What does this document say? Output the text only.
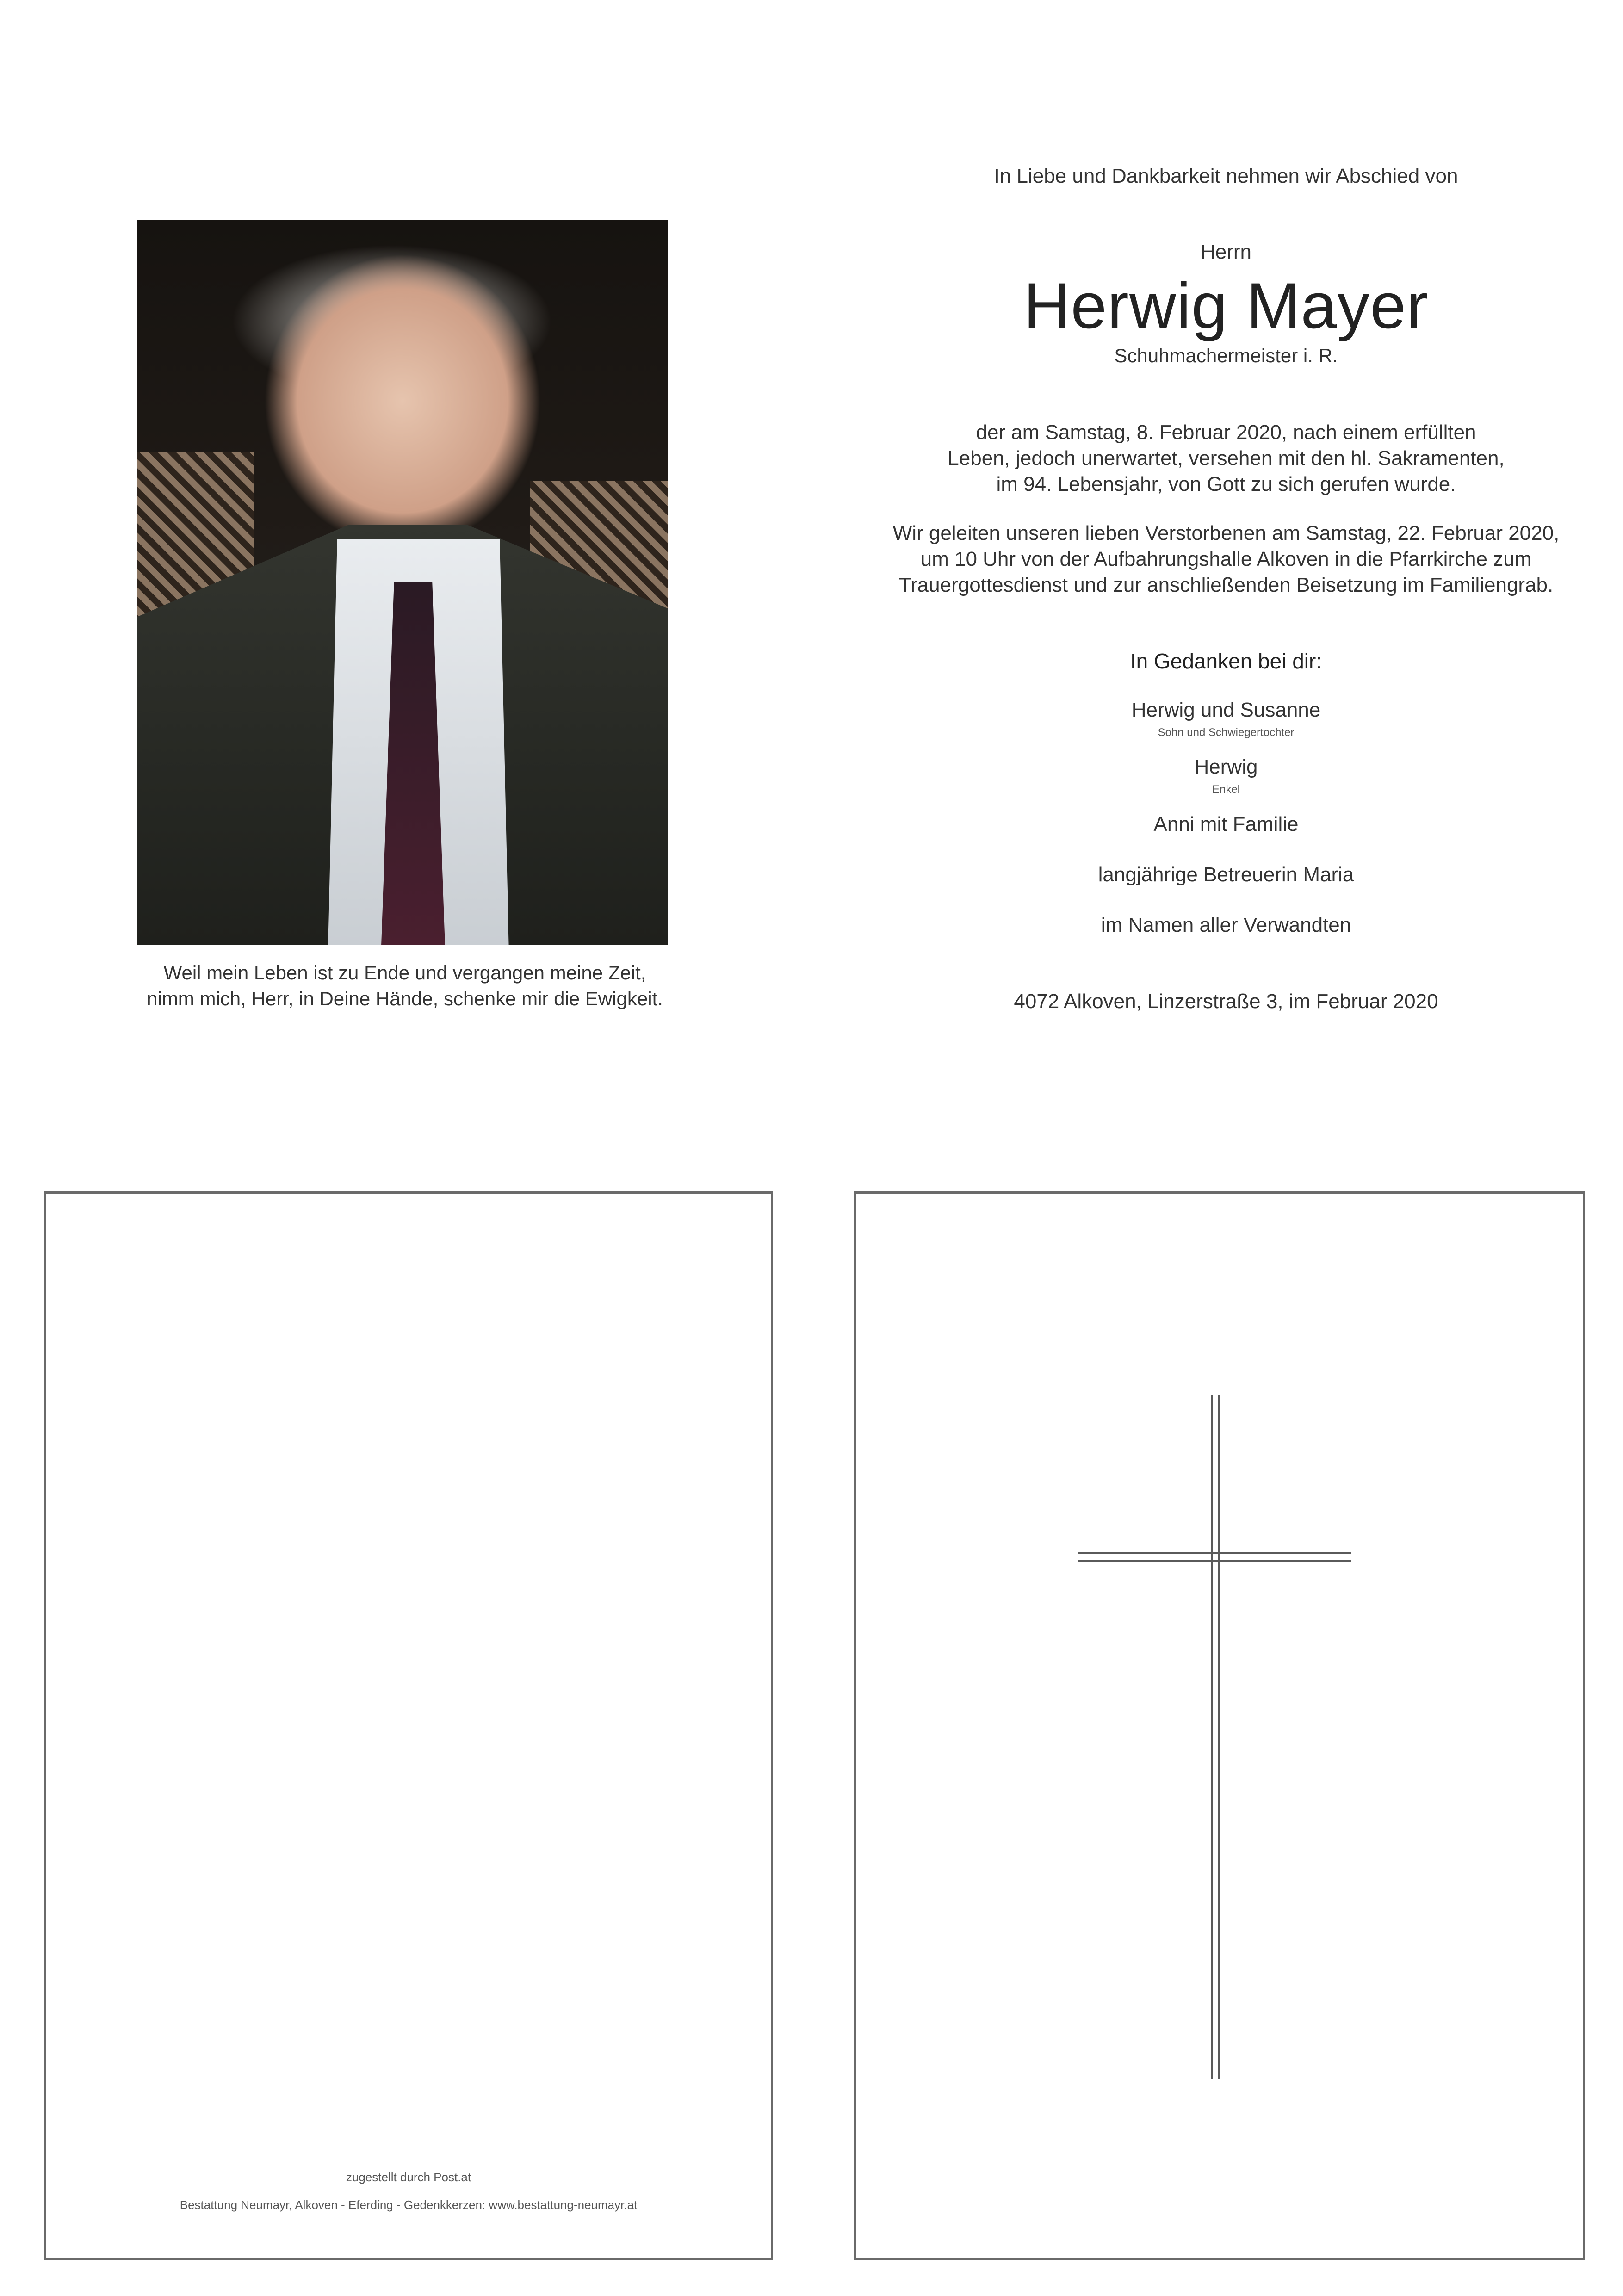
Weil mein Leben ist zu Ende und vergangen meine Zeit,
nimm mich, Herr, in Deine Hände, schenke mir die Ewigkeit.
In Liebe und Dankbarkeit nehmen wir Abschied von
Herrn
Herwig Mayer
Schuhmachermeister i. R.
der am Samstag, 8. Februar 2020, nach einem erfüllten
Leben, jedoch unerwartet, versehen mit den hl. Sakramenten,
im 94. Lebensjahr, von Gott zu sich gerufen wurde.
Wir geleiten unseren lieben Verstorbenen am Samstag, 22. Februar 2020,
um 10 Uhr von der Aufbahrungshalle Alkoven in die Pfarrkirche zum
Trauergottesdienst und zur anschließenden Beisetzung im Familiengrab.
In Gedanken bei dir:
Herwig und Susanne
Sohn und Schwiegertochter
Herwig
Enkel
Anni mit Familie
langjährige Betreuerin Maria
im Namen aller Verwandten
4072 Alkoven, Linzerstraße 3, im Februar 2020
zugestellt durch Post.at
Bestattung Neumayr, Alkoven - Eferding - Gedenkkerzen: www.bestattung-neumayr.at
